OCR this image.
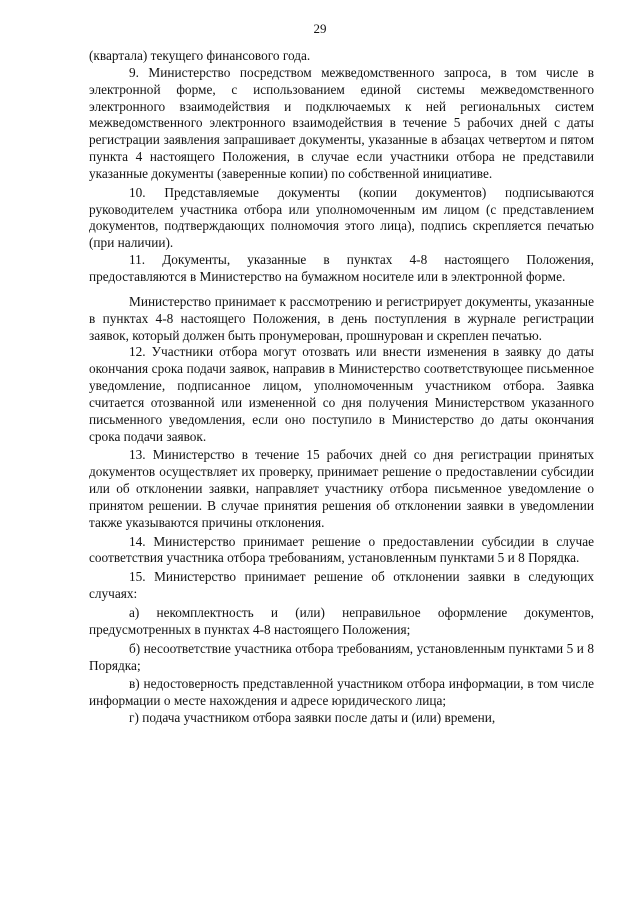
29

(квартала) текущего финансового года.

9. Министерство посредством межведомственного запроса, в том числе в электронной форме, с использованием единой системы межведомственного электронного взаимодействия и подключаемых к ней региональных систем межведомственного электронного взаимодействия в течение 5 рабочих дней с даты регистрации заявления запрашивает документы, указанные в абзацах четвертом и пятом пункта 4 настоящего Положения, в случае если участники отбора не представили указанные документы (заверенные копии) по собственной инициативе.

10. Представляемые документы (копии документов) подписываются руководителем участника отбора или уполномоченным им лицом (с представлением документов, подтверждающих полномочия этого лица), подпись скрепляется печатью (при наличии).

11. Документы, указанные в пунктах 4-8 настоящего Положения, предоставляются в Министерство на бумажном носителе или в электронной форме.

Министерство принимает к рассмотрению и регистрирует документы, указанные в пунктах 4-8 настоящего Положения, в день поступления в журнале регистрации заявок, который должен быть пронумерован, прошнурован и скреплен печатью.

12. Участники отбора могут отозвать или внести изменения в заявку до даты окончания срока подачи заявок, направив в Министерство соответствующее письменное уведомление, подписанное лицом, уполномоченным участником отбора. Заявка считается отозванной или измененной со дня получения Министерством указанного письменного уведомления, если оно поступило в Министерство до даты окончания срока подачи заявок.

13. Министерство в течение 15 рабочих дней со дня регистрации принятых документов осуществляет их проверку, принимает решение о предоставлении субсидии или об отклонении заявки, направляет участнику отбора письменное уведомление о принятом решении. В случае принятия решения об отклонении заявки в уведомлении также указываются причины отклонения.

14. Министерство принимает решение о предоставлении субсидии в случае соответствия участника отбора требованиям, установленным пунктами 5 и 8 Порядка.

15. Министерство принимает решение об отклонении заявки в следующих случаях:

а) некомплектность и (или) неправильное оформление документов, предусмотренных в пунктах 4-8 настоящего Положения;

б) несоответствие участника отбора требованиям, установленным пунктами 5 и 8 Порядка;

в) недостоверность представленной участником отбора информации, в том числе информации о месте нахождения и адресе юридического лица;

г) подача участником отбора заявки после даты и (или) времени,
